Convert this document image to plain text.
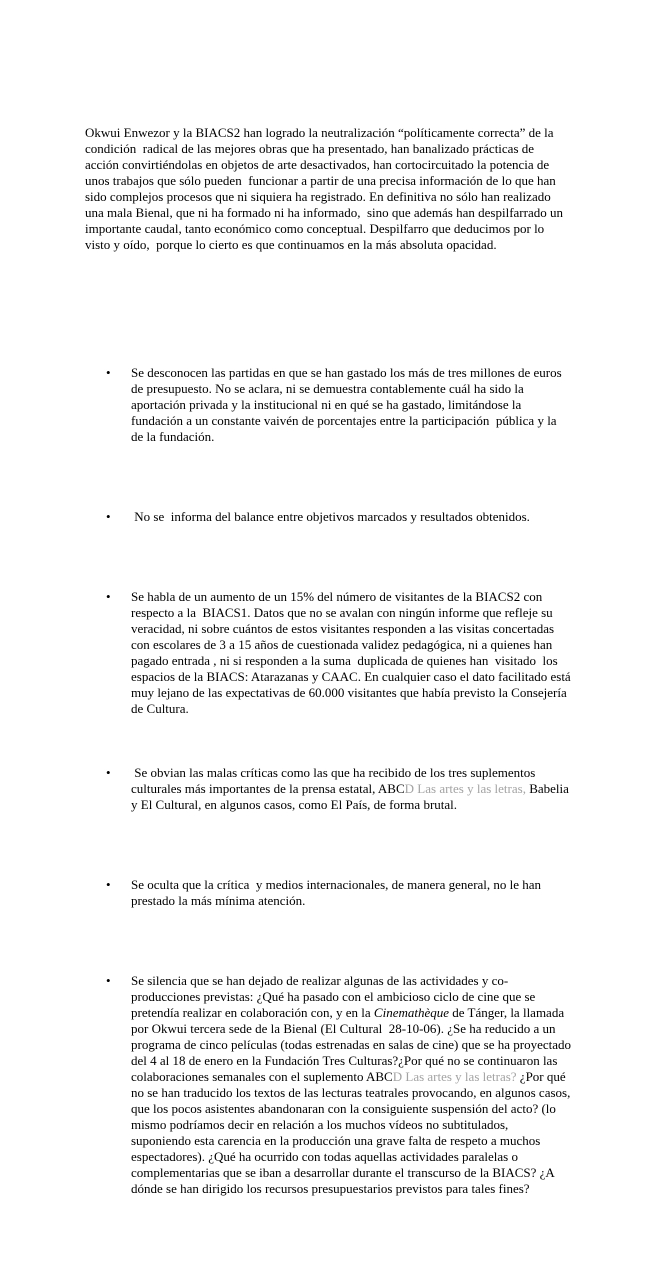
Okwui Enwezor y la BIACS2 han logrado la neutralización “políticamente correcta” de la condición  radical de las mejores obras que ha presentado, han banalizado prácticas de acción convirtiéndolas en objetos de arte desactivados, han cortocircuitado la potencia de unos trabajos que sólo pueden  funcionar a partir de una precisa información de lo que han sido complejos procesos que ni siquiera ha registrado. En definitiva no sólo han realizado una mala Bienal, que ni ha formado ni ha informado,  sino que además han despilfarrado un importante caudal, tanto económico como conceptual. Despilfarro que deducimos por lo visto y oído,  porque lo cierto es que continuamos en la más absoluta opacidad.

• Se desconocen las partidas en que se han gastado los más de tres millones de euros de presupuesto. No se aclara, ni se demuestra contablemente cuál ha sido la aportación privada y la institucional ni en qué se ha gastado, limitándose la fundación a un constante vaivén de porcentajes entre la participación  pública y la de la fundación.

• No se  informa del balance entre objetivos marcados y resultados obtenidos.

• Se habla de un aumento de un 15% del número de visitantes de la BIACS2 con respecto a la  BIACS1. Datos que no se avalan con ningún informe que refleje su veracidad, ni sobre cuántos de estos visitantes responden a las visitas concertadas con escolares de 3 a 15 años de cuestionada validez pedagógica, ni a quienes han pagado entrada , ni si responden a la suma  duplicada de quienes han  visitado  los espacios de la BIACS: Atarazanas y CAAC. En cualquier caso el dato facilitado está muy lejano de las expectativas de 60.000 visitantes que había previsto la Consejería de Cultura.

• Se obvian las malas críticas como las que ha recibido de los tres suplementos culturales más importantes de la prensa estatal, ABCD Las artes y las letras, Babelia y El Cultural, en algunos casos, como El País, de forma brutal.

• Se oculta que la crítica  y medios internacionales, de manera general, no le han prestado la más mínima atención.

• Se silencia que se han dejado de realizar algunas de las actividades y co-producciones previstas: ¿Qué ha pasado con el ambicioso ciclo de cine que se pretendía realizar en colaboración con, y en la Cinemathèque de Tánger, la llamada por Okwui tercera sede de la Bienal (El Cultural  28-10-06). ¿Se ha reducido a un programa de cinco películas (todas estrenadas en salas de cine) que se ha proyectado del 4 al 18 de enero en la Fundación Tres Culturas?¿Por qué no se continuaron las colaboraciones semanales con el suplemento ABCD Las artes y las letras? ¿Por qué no se han traducido los textos de las lecturas teatrales provocando, en algunos casos, que los pocos asistentes abandonaran con la consiguiente suspensión del acto? (lo mismo podríamos decir en relación a los muchos vídeos no subtitulados, suponiendo esta carencia en la producción una grave falta de respeto a muchos espectadores). ¿Qué ha ocurrido con todas aquellas actividades paralelas o complementarias que se iban a desarrollar durante el transcurso de la BIACS? ¿A dónde se han dirigido los recursos presupuestarios previstos para tales fines?
